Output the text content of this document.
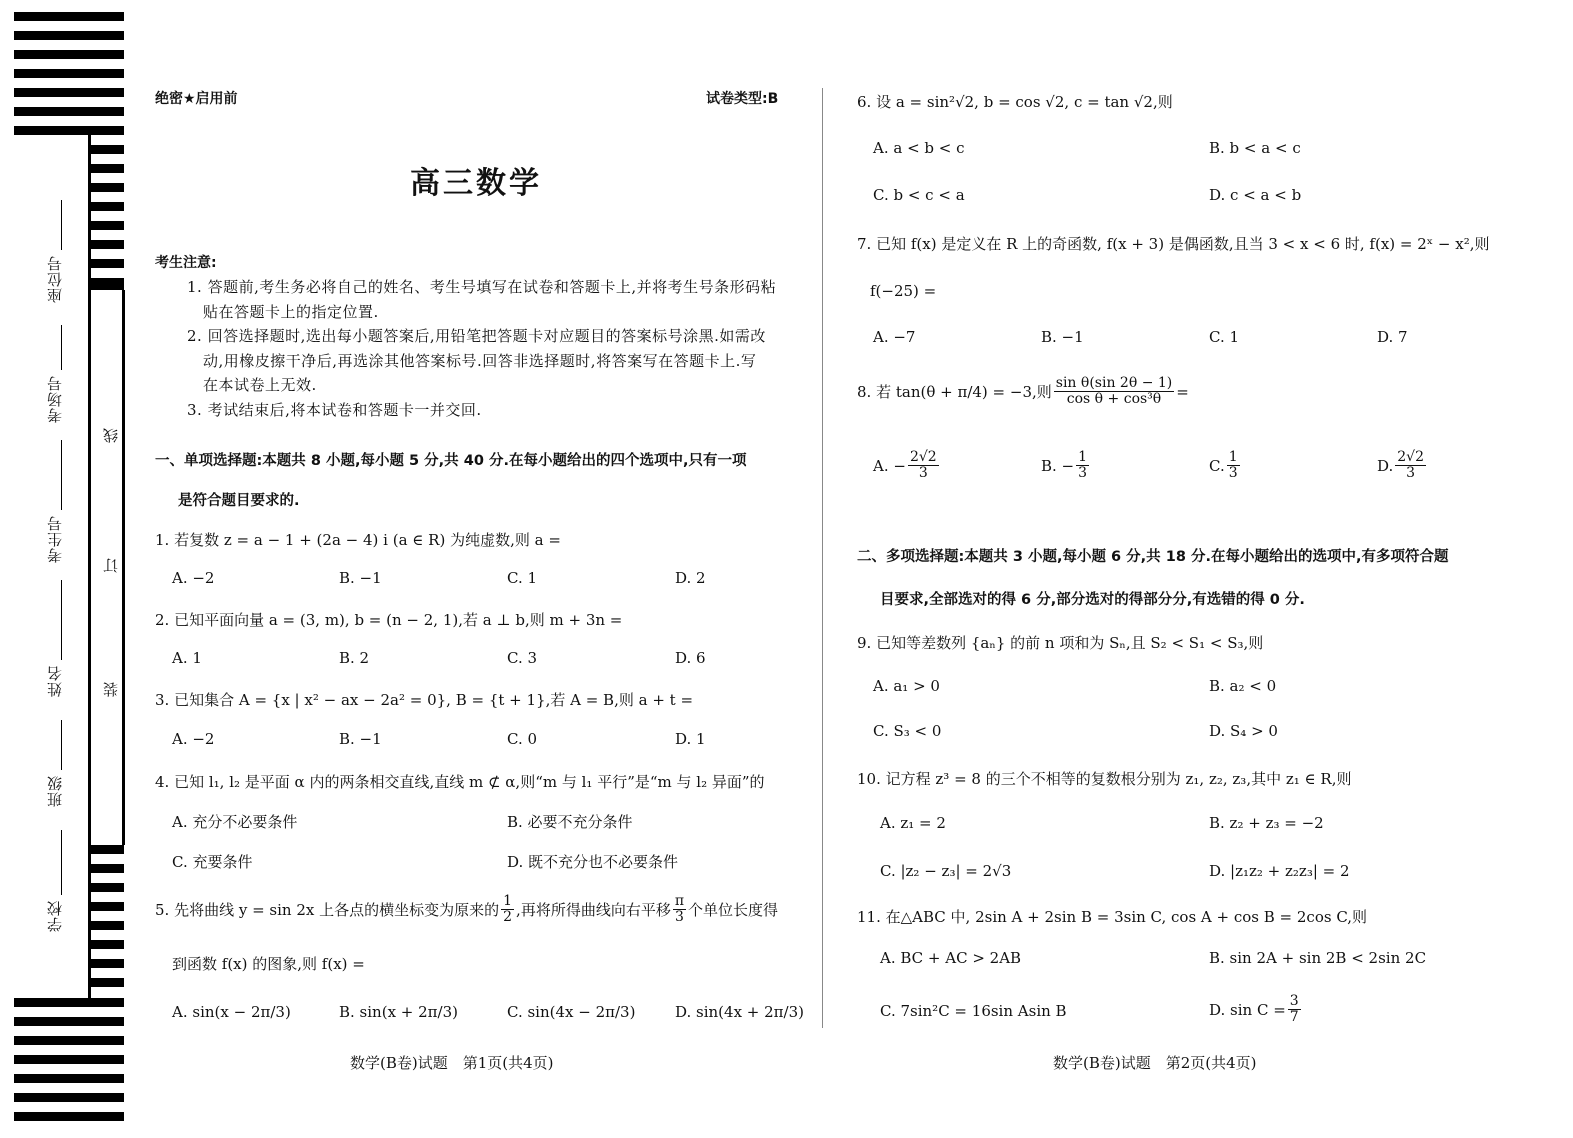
座位号
考场号
考生号
姓名
班级
学校
线
订
装
绝密★启用前	试卷类型:B
高三数学
考生注意:
1. 答题前,考生务必将自己的姓名、考生号填写在试卷和答题卡上,并将考生号条形码粘
贴在答题卡上的指定位置.
2. 回答选择题时,选出每小题答案后,用铅笔把答题卡对应题目的答案标号涂黑.如需改
动,用橡皮擦干净后,再选涂其他答案标号.回答非选择题时,将答案写在答题卡上.写
在本试卷上无效.
3. 考试结束后,将本试卷和答题卡一并交回.
一、单项选择题:本题共 8 小题,每小题 5 分,共 40 分.在每小题给出的四个选项中,只有一项
是符合题目要求的.
1. 若复数 z = a − 1 + (2a − 4) i (a ∈ R) 为纯虚数,则 a =
A. −2	B. −1	C. 1	D. 2
2. 已知平面向量 a = (3, m), b = (n − 2, 1),若 a ⊥ b,则 m + 3n =
A. 1	B. 2	C. 3	D. 6
3. 已知集合 A = {x | x² − ax − 2a² = 0}, B = {t + 1},若 A = B,则 a + t =
A. −2	B. −1	C. 0	D. 1
4. 已知 l₁, l₂ 是平面 α 内的两条相交直线,直线 m ⊄ α,则“m 与 l₁ 平行”是“m 与 l₂ 异面”的
A. 充分不必要条件	B. 必要不充分条件
C. 充要条件	D. 既不充分也不必要条件
5. 先将曲线 y = sin 2x 上各点的横坐标变为原来的 $\frac{1}{2}$ ,再将所得曲线向右平移 $\frac{\pi}{3}$ 个单位长度得
到函数 f(x) 的图象,则 f(x) =
A. sin(x − 2π/3)	B. sin(x + 2π/3)	C. sin(4x − 2π/3)	D. sin(4x + 2π/3)
数学(B卷)试题　第1页(共4页)
6. 设 a = sin²√2, b = cos √2, c = tan √2,则
A. a < b < c	B. b < a < c
C. b < c < a	D. c < a < b
7. 已知 f(x) 是定义在 R 上的奇函数, f(x + 3) 是偶函数,且当 3 < x < 6 时, f(x) = 2ˣ − x²,则
f(−25) =
A. −7	B. −1	C. 1	D. 7
8. 若 tan(θ + π/4) = −3,则 $\frac{\text{sin θ(sin 2θ − 1)}}{\text{cos θ + cos³θ}}$ =
A. − $\frac{2√2}{3}$	B. − $\frac{1}{3}$	C. $\frac{1}{3}$	D. $\frac{2√2}{3}$
二、多项选择题:本题共 3 小题,每小题 6 分,共 18 分.在每小题给出的选项中,有多项符合题
目要求,全部选对的得 6 分,部分选对的得部分分,有选错的得 0 分.
9. 已知等差数列 {aₙ} 的前 n 项和为 Sₙ,且 S₂ < S₁ < S₃,则
A. a₁ > 0	B. a₂ < 0
C. S₃ < 0	D. S₄ > 0
10. 记方程 z³ = 8 的三个不相等的复数根分别为 z₁, z₂, z₃,其中 z₁ ∈ R,则
A. z₁ = 2	B. z₂ + z₃ = −2
C. |z₂ − z₃| = 2√3	D. |z₁z₂ + z₂z₃| = 2
11. 在△ABC 中, 2sin A + 2sin B = 3sin C, cos A + cos B = 2cos C,则
A. BC + AC > 2AB	B. sin 2A + sin 2B < 2sin 2C
C. 7sin²C = 16sin Asin B	D. $\sin C = \frac{3}{7}$
数学(B卷)试题　第2页(共4页)
